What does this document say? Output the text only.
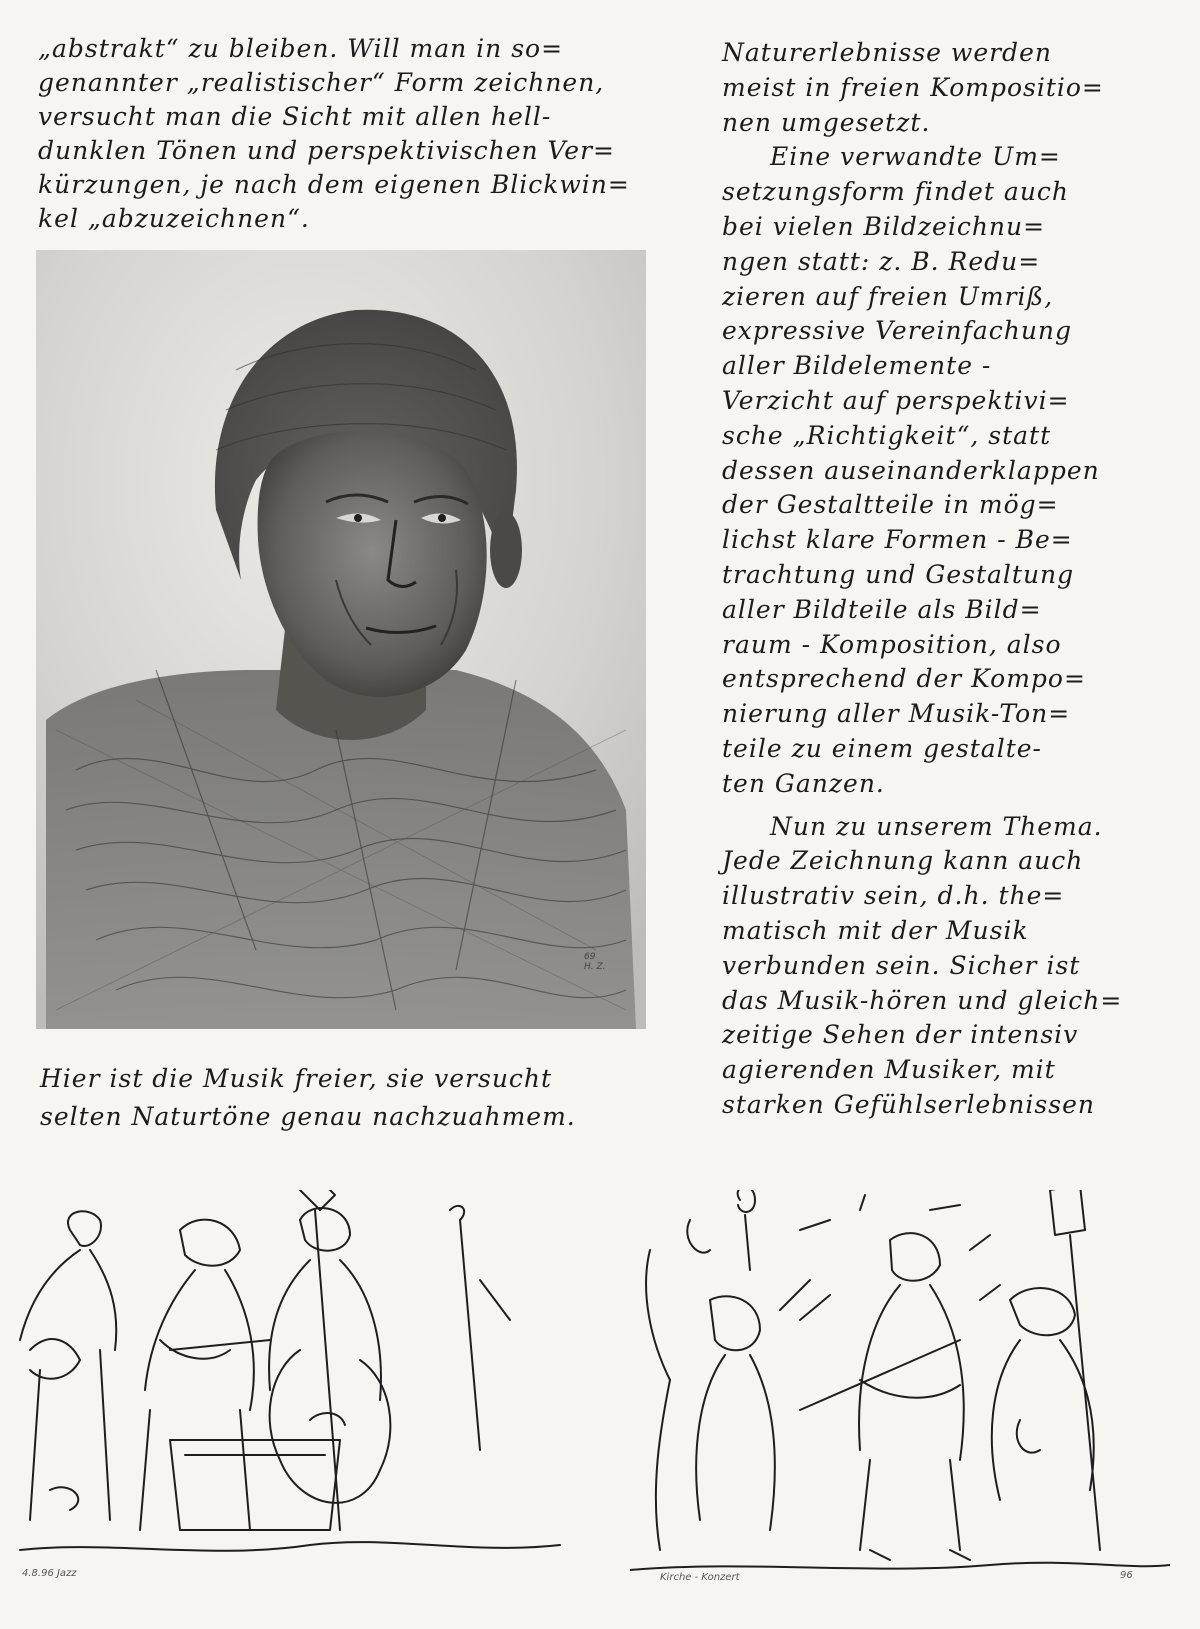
„abstrakt“ zu bleiben. Will man in so=
genannter „realistischer“ Form zeichnen,
versucht man die Sicht mit allen hell-
dunklen Tönen und perspektivischen Ver=
kürzungen, je nach dem eigenen Blickwin=
kel „abzuzeichnen“.
69
H. Z.
Hier ist die Musik freier, sie versucht
selten Naturtöne genau nachzuahmem.
Naturerlebnisse werden
meist in freien Kompositio=
nen umgesetzt.
Eine verwandte Um=
setzungsform findet auch
bei vielen Bildzeichnu=
ngen statt: z. B. Redu=
zieren auf freien Umriß,
expressive Vereinfachung
aller Bildelemente -
Verzicht auf perspektivi=
sche „Richtigkeit“, statt
dessen auseinanderklappen
der Gestaltteile in mög=
lichst klare Formen - Be=
trachtung und Gestaltung
aller Bildteile als Bild=
raum - Komposition, also
entsprechend der Kompo=
nierung aller Musik-Ton=
teile zu einem gestalte-
ten Ganzen.
Nun zu unserem Thema.
Jede Zeichnung kann auch
illustrativ sein, d.h. the=
matisch mit der Musik
verbunden sein. Sicher ist
das Musik-hören und gleich=
zeitige Sehen der intensiv
agierenden Musiker, mit
starken Gefühlserlebnissen
4.8.96 Jazz	Kirche - Konzert	96
